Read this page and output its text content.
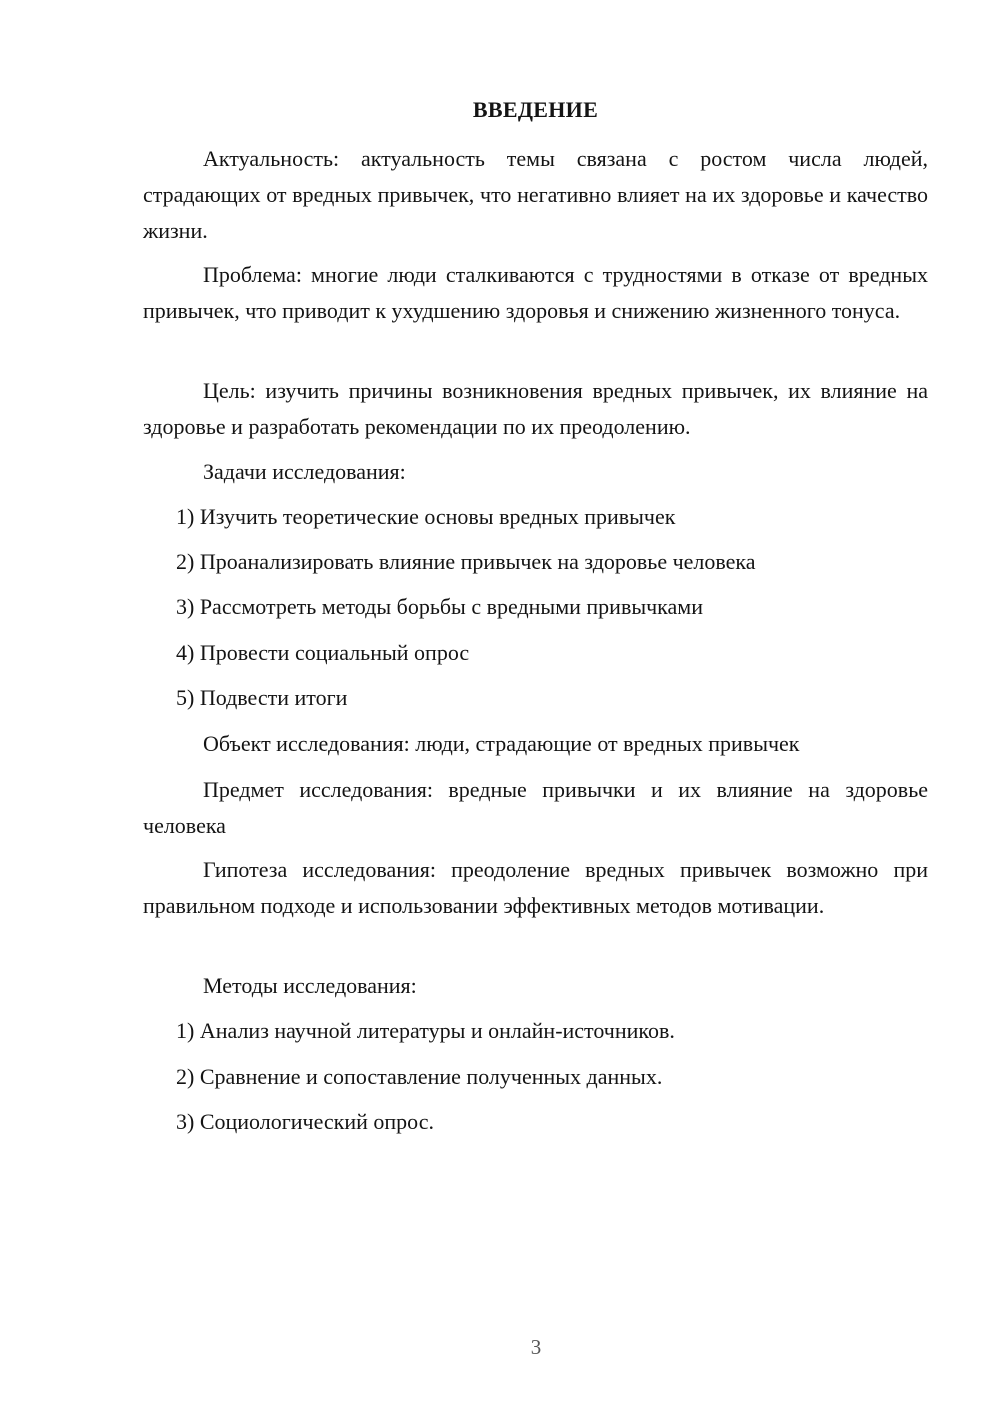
ВВЕДЕНИЕ

Актуальность: актуальность темы связана с ростом числа людей, страдающих от вредных привычек, что негативно влияет на их здоровье и качество жизни.

Проблема: многие люди сталкиваются с трудностями в отказе от вредных привычек, что приводит к ухудшению здоровья и снижению жизненного тонуса.

Цель: изучить причины возникновения вредных привычек, их влияние на здоровье и разработать рекомендации по их преодолению.

Задачи исследования:
1) Изучить теоретические основы вредных привычек
2) Проанализировать влияние привычек на здоровье человека
3) Рассмотреть методы борьбы с вредными привычками
4) Провести социальный опрос
5) Подвести итоги
Объект исследования: люди, страдающие от вредных привычек

Предмет исследования: вредные привычки и их влияние на здоровье человека

Гипотеза исследования: преодоление вредных привычек возможно при правильном подходе и использовании эффективных методов мотивации.

Методы исследования:
1) Анализ научной литературы и онлайн-источников.
2) Сравнение и сопоставление полученных данных.
3) Социологический опрос.
3
